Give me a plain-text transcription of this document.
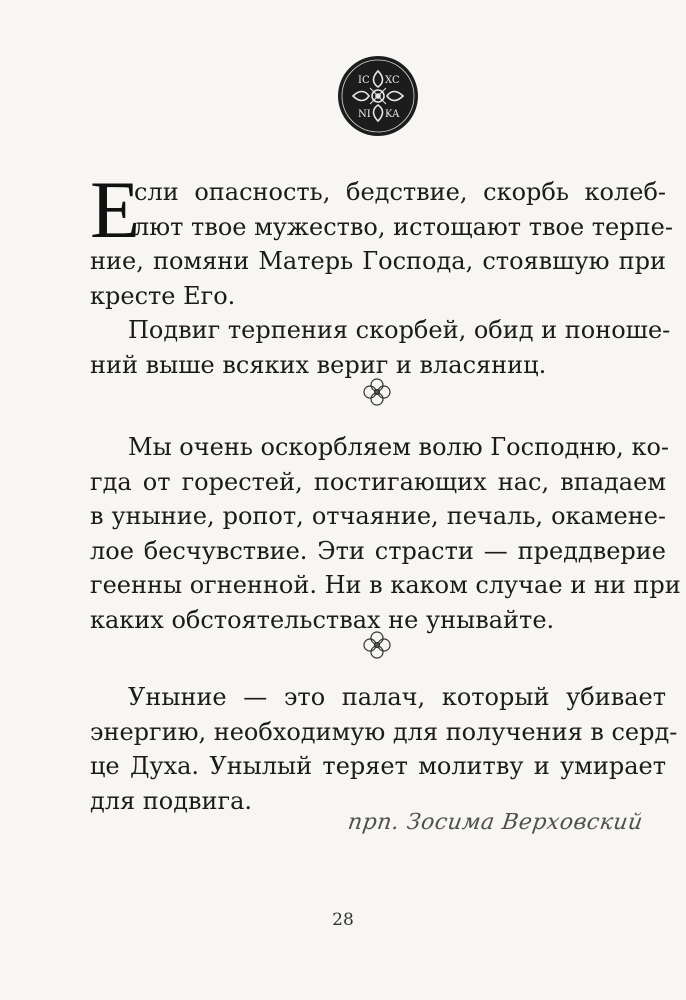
IC XC
NI KA
Е
сли опасность, бедствие, скорбь колеб-
лют твое мужество, истощают твое терпе-
ние, помяни Матерь Господа, стоявшую при
кресте Его.
Подвиг терпения скорбей, обид и поноше-
ний выше всяких вериг и власяниц.
Мы очень оскорбляем волю Господню, ко-
гда от горестей, постигающих нас, впадаем
в уныние, ропот, отчаяние, печаль, окамене-
лое бесчувствие. Эти страсти — преддверие
геенны огненной. Ни в каком случае и ни при
каких обстоятельствах не унывайте.
Уныние — это палач, который убивает
энергию, необходимую для получения в серд-
це Духа. Унылый теряет молитву и умирает
для подвига.
прп. Зосима Верховский
28
